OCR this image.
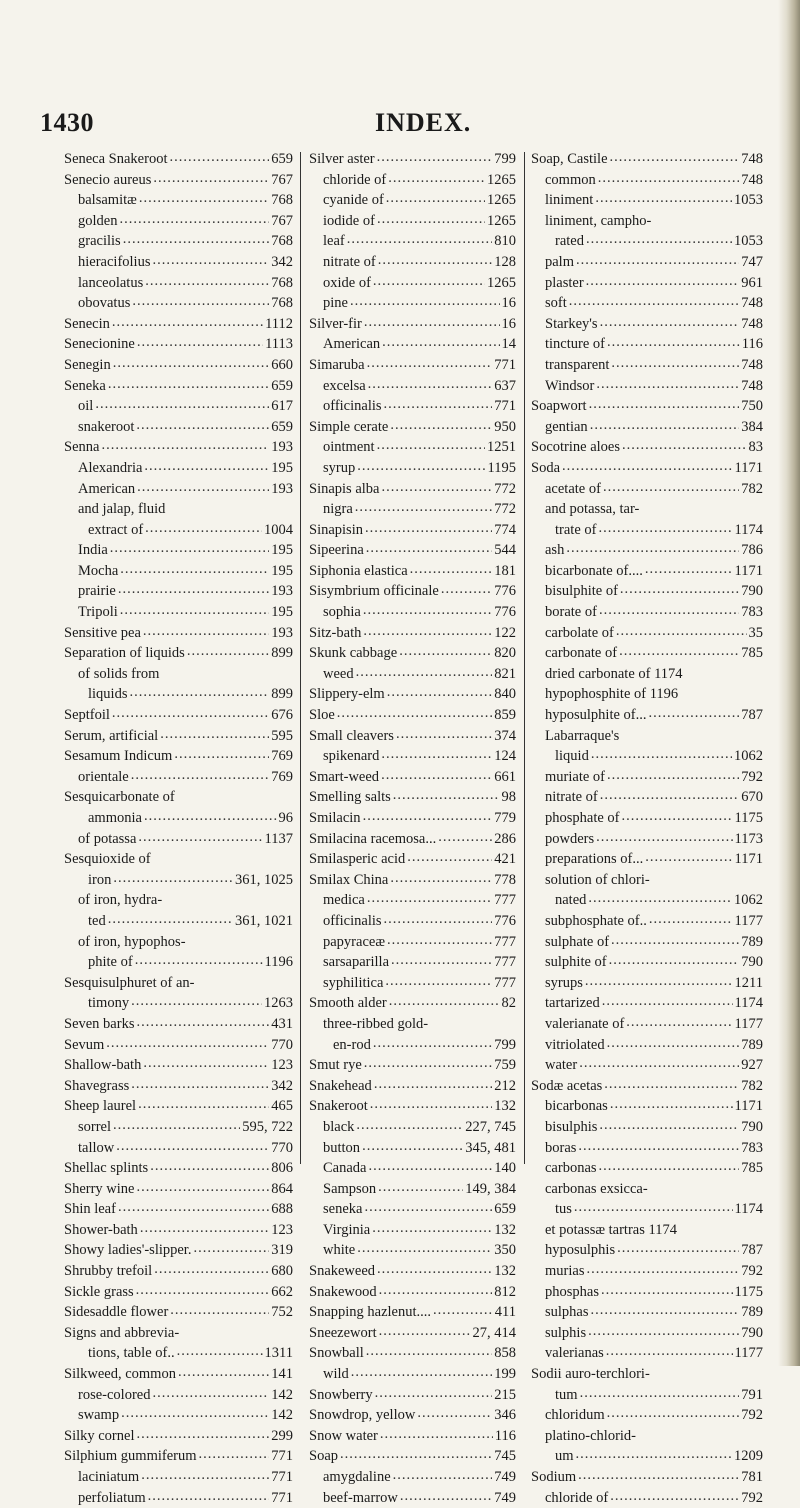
1430	INDEX.
Seneca Snakeroot .....	659
Senecio aureus .....	767
balsamitæ .....	768
golden .....	767
gracilis .....	768
hieracifolius .....	342
lanceolatus .....	768
obovatus .....	768
Senecin .....	1112
Senecionine .....	1113
Senegin .....	660
Seneka .....	659
oil .....	617
snakeroot .....	659
Senna .....	193
Alexandria .....	195
American .....	193
and jalap, fluid
extract of .....	1004
India .....	195
Mocha .....	195
prairie .....	193
Tripoli .....	195
Sensitive pea .....	193
Separation of liquids .....	899
of solids from
liquids .....	899
Septfoil .....	676
Serum, artificial .....	595
Sesamum Indicum .....	769
orientale .....	769
Sesquicarbonate of
ammonia .....	96
of potassa .....	1137
Sesquioxide of
iron .....	361, 1025
of iron, hydra-
ted .....	361, 1021
of iron, hypophos-
phite of .....	1196
Sesquisulphuret of an-
timony .....	1263
Seven barks .....	431
Sevum .....	770
Shallow-bath .....	123
Shavegrass .....	342
Sheep laurel .....	465
sorrel .....	595, 722
tallow .....	770
Shellac splints .....	806
Sherry wine .....	864
Shin leaf .....	688
Shower-bath .....	123
Showy ladies'-slipper. .....	319
Shrubby trefoil .....	680
Sickle grass .....	662
Sidesaddle flower .....	752
Signs and abbrevia-
tions, table of.. .....	1311
Silkweed, common .....	141
rose-colored .....	142
swamp .....	142
Silky cornel .....	299
Silphium gummiferum .....	771
laciniatum .....	771
perfoliatum .....	771
Silver aster .....	799
chloride of .....	1265
cyanide of .....	1265
iodide of .....	1265
leaf .....	810
nitrate of .....	128
oxide of .....	1265
pine .....	16
Silver-fir .....	16
American .....	14
Simaruba .....	771
excelsa .....	637
officinalis .....	771
Simple cerate .....	950
ointment .....	1251
syrup .....	1195
Sinapis alba .....	772
nigra .....	772
Sinapisin .....	774
Sipeerina .....	544
Siphonia elastica .....	181
Sisymbrium officinale .....	776
sophia .....	776
Sitz-bath .....	122
Skunk cabbage .....	820
weed .....	821
Slippery-elm .....	840
Sloe .....	859
Small cleavers .....	374
spikenard .....	124
Smart-weed .....	661
Smelling salts .....	98
Smilacin .....	779
Smilacina racemosa... .....	286
Smilasperic acid .....	421
Smilax China .....	778
medica .....	777
officinalis .....	776
papyraceæ .....	777
sarsaparilla .....	777
syphilitica .....	777
Smooth alder .....	82
three-ribbed gold-
en-rod .....	799
Smut rye .....	759
Snakehead .....	212
Snakeroot .....	132
black .....	227, 745
button .....	345, 481
Canada .....	140
Sampson .....	149, 384
seneka .....	659
Virginia .....	132
white .....	350
Snakeweed .....	132
Snakewood .....	812
Snapping hazlenut.... .....	411
Sneezewort .....	27, 414
Snowball .....	858
wild .....	199
Snowberry .....	215
Snowdrop, yellow .....	346
Snow water .....	116
Soap .....	745
amygdaline .....	749
beef-marrow .....	749
Soap, Castile .....	748
common .....	748
liniment .....	1053
liniment, campho-
rated .....	1053
palm .....	747
plaster .....	961
soft .....	748
Starkey's .....	748
tincture of .....	116
transparent .....	748
Windsor .....	748
Soapwort .....	750
gentian .....	384
Socotrine aloes .....	83
Soda .....	1171
acetate of .....	782
and potassa, tar-
trate of .....	1174
ash .....	786
bicarbonate of.... .....	1171
bisulphite of .....	790
borate of .....	783
carbolate of .....	35
carbonate of .....	785
dried carbonate of 1174
hypophosphite of 1196
hyposulphite of... .....	787
Labarraque's
liquid .....	1062
muriate of .....	792
nitrate of .....	670
phosphate of .....	1175
powders .....	1173
preparations of... .....	1171
solution of chlori-
nated .....	1062
subphosphate of.. .....	1177
sulphate of .....	789
sulphite of .....	790
syrups .....	1211
tartarized .....	1174
valerianate of .....	1177
vitriolated .....	789
water .....	927
Sodæ acetas .....	782
bicarbonas .....	1171
bisulphis .....	790
boras .....	783
carbonas .....	785
carbonas exsicca-
tus .....	1174
et potassæ tartras 1174
hyposulphis .....	787
murias .....	792
phosphas .....	1175
sulphas .....	789
sulphis .....	790
valerianas .....	1177
Sodii auro-terchlori-
tum .....	791
chloridum .....	792
platino-chlorid-
um .....	1209
Sodium .....	781
chloride of .....	792
